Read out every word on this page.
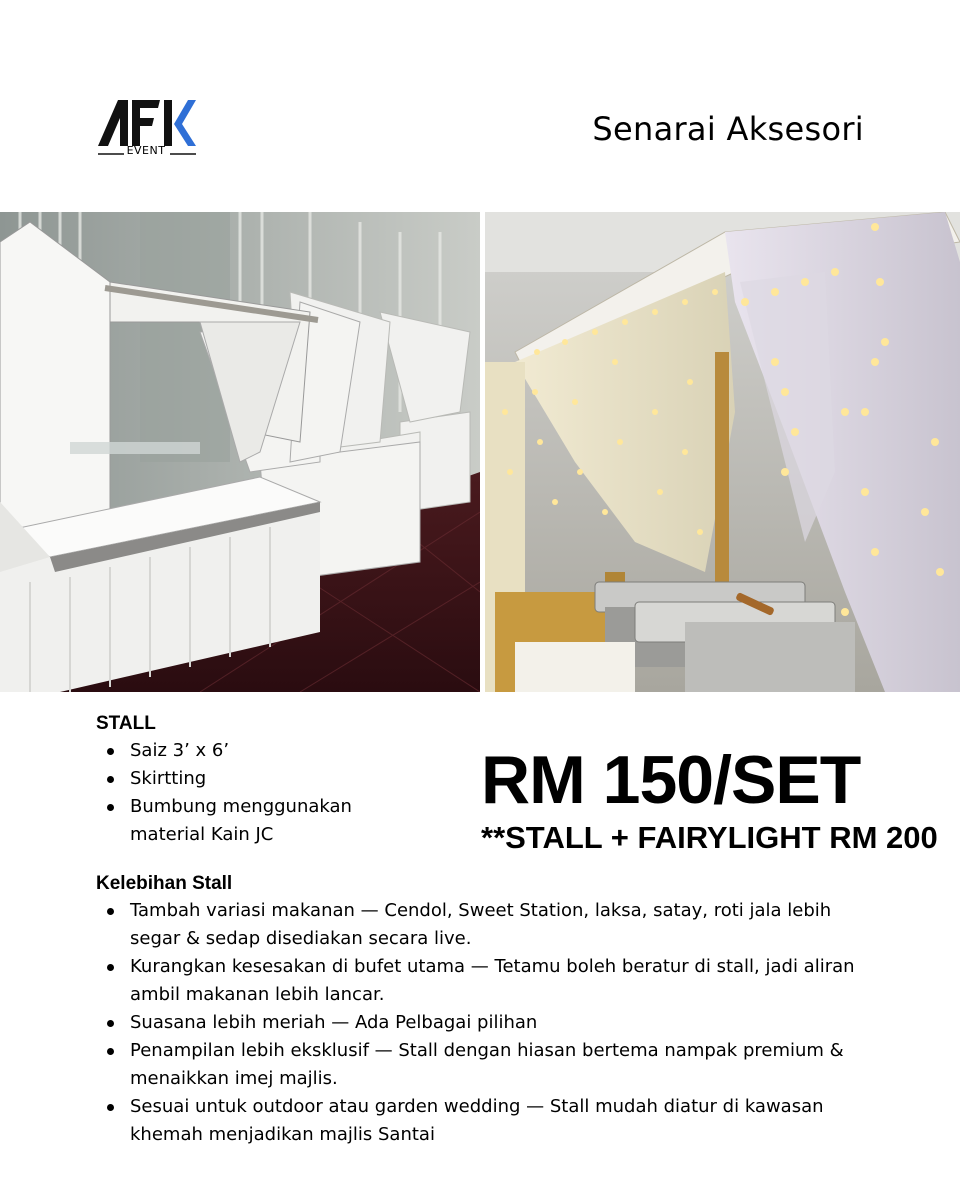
EVENT
Senarai Aksesori
STALL
Saiz 3’ x 6’
Skirtting
Bumbung menggunakan material Kain JC
RM 150/SET
**STALL + FAIRYLIGHT RM 200
Kelebihan Stall
Tambah variasi makanan — Cendol, Sweet Station, laksa, satay, roti jala lebih segar & sedap disediakan secara live.
Kurangkan kesesakan di bufet utama — Tetamu boleh beratur di stall, jadi aliran ambil makanan lebih lancar.
Suasana lebih meriah — Ada Pelbagai pilihan
Penampilan lebih eksklusif — Stall dengan hiasan bertema nampak premium & menaikkan imej majlis.
Sesuai untuk outdoor atau garden wedding — Stall mudah diatur di kawasan khemah menjadikan majlis Santai
